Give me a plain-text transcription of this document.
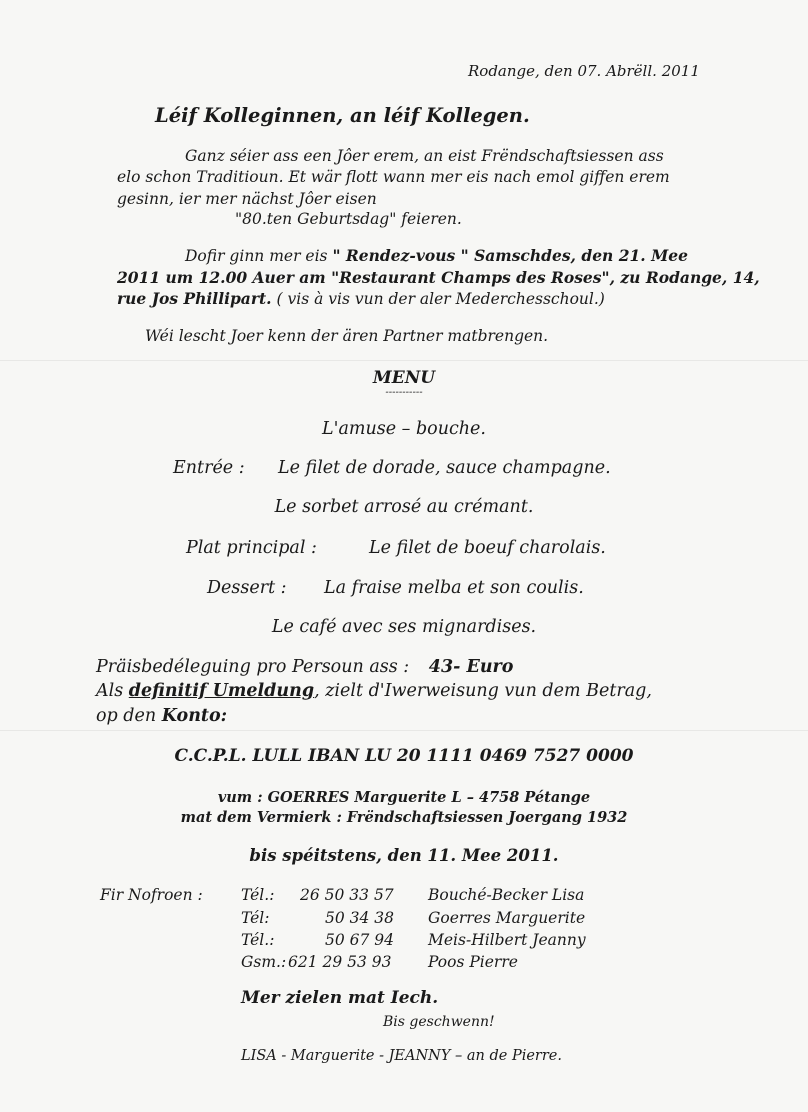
Rodange, den 07. Abrëll. 2011
Léif Kolleginnen, an léif Kollegen.
Ganz séier ass een Jôer erem, an eist Frëndschaftsiessen ass
elo schon Traditioun. Et wär flott wann mer eis nach emol giffen erem
gesinn, ier mer nächst Jôer eisen
"80.ten Geburtsdag" feieren.
Dofir ginn mer eis " Rendez-vous " Samschdes, den 21. Mee
2011 um 12.00 Auer am "Restaurant Champs des Roses", zu Rodange, 14,
rue Jos Phillipart. ( vis à vis vun der aler Mederchesschoul.)
Wéi lescht Joer kenn der ären Partner matbrengen.
MENU
-----------
L'amuse – bouche.
Entrée : Le filet de dorade, sauce champagne.
Le sorbet arrosé au crémant.
Plat principal :	Le filet de boeuf charolais.
Dessert : La fraise melba et son coulis.
Le café avec ses mignardises.
Präisbedéleguing pro Persoun ass : 43- Euro
Als definitif Umeldung, zielt d'Iwerweisung vun dem Betrag,
op den Konto:
C.C.P.L. LULL IBAN LU 20 1111 0469 7527 0000
vum : GOERRES Marguerite L – 4758 Pétange
mat dem Vermierk : Frëndschaftsiessen Joergang 1932
bis spéitstens, den 11. Mee 2011.
Fir Nofroen : Tél.: 26 50 33 57 Bouché-Becker Lisa
Tél:	50 34 38 Goerres Marguerite
Tél.:	50 67 94 Meis-Hilbert Jeanny
Gsm.: 621 29 53 93 Poos Pierre
Mer zielen mat Iech.
Bis geschwenn!
LISA - Marguerite - JEANNY – an de Pierre.
